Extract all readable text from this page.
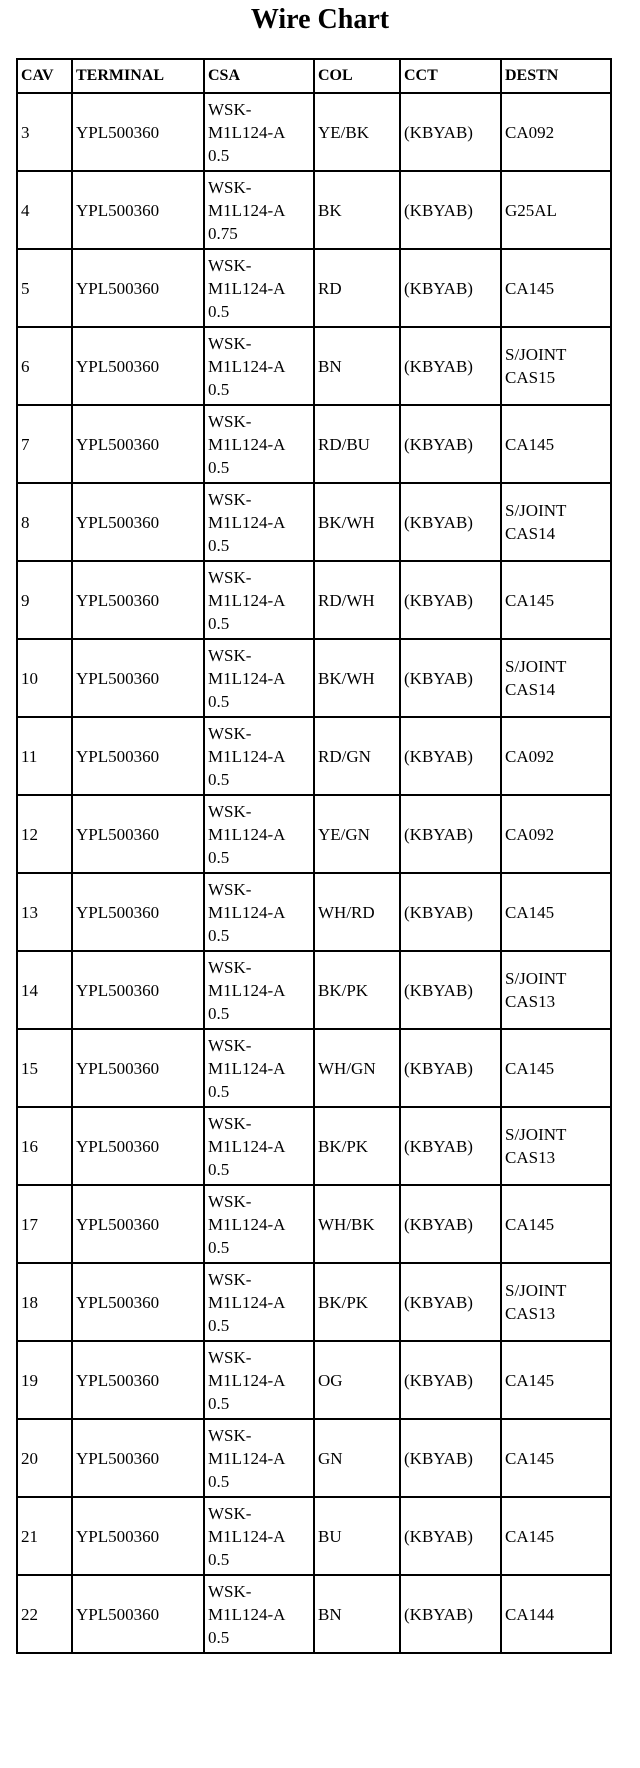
Wire Chart
CAV	TERMINAL	CSA	COL	CCT	DESTN
3	YPL500360	WSK-
M1L124-A
0.5	YE/BK	(KBYAB)	CA092

4	YPL500360	WSK-
M1L124-A
0.75	BK	(KBYAB)	G25AL

5	YPL500360	WSK-
M1L124-A
0.5	RD	(KBYAB)	CA145

6	YPL500360	WSK-
M1L124-A
0.5	BN	(KBYAB)	S/JOINT
CAS15

7	YPL500360	WSK-
M1L124-A
0.5	RD/BU	(KBYAB)	CA145

8	YPL500360	WSK-
M1L124-A
0.5	BK/WH	(KBYAB)	S/JOINT
CAS14

9	YPL500360	WSK-
M1L124-A
0.5	RD/WH	(KBYAB)	CA145

10	YPL500360	WSK-
M1L124-A
0.5	BK/WH	(KBYAB)	S/JOINT
CAS14

11	YPL500360	WSK-
M1L124-A
0.5	RD/GN	(KBYAB)	CA092

12	YPL500360	WSK-
M1L124-A
0.5	YE/GN	(KBYAB)	CA092

13	YPL500360	WSK-
M1L124-A
0.5	WH/RD	(KBYAB)	CA145

14	YPL500360	WSK-
M1L124-A
0.5	BK/PK	(KBYAB)	S/JOINT
CAS13

15	YPL500360	WSK-
M1L124-A
0.5	WH/GN	(KBYAB)	CA145

16	YPL500360	WSK-
M1L124-A
0.5	BK/PK	(KBYAB)	S/JOINT
CAS13

17	YPL500360	WSK-
M1L124-A
0.5	WH/BK	(KBYAB)	CA145

18	YPL500360	WSK-
M1L124-A
0.5	BK/PK	(KBYAB)	S/JOINT
CAS13

19	YPL500360	WSK-
M1L124-A
0.5	OG	(KBYAB)	CA145

20	YPL500360	WSK-
M1L124-A
0.5	GN	(KBYAB)	CA145

21	YPL500360	WSK-
M1L124-A
0.5	BU	(KBYAB)	CA145

22	YPL500360	WSK-
M1L124-A
0.5	BN	(KBYAB)	CA144
